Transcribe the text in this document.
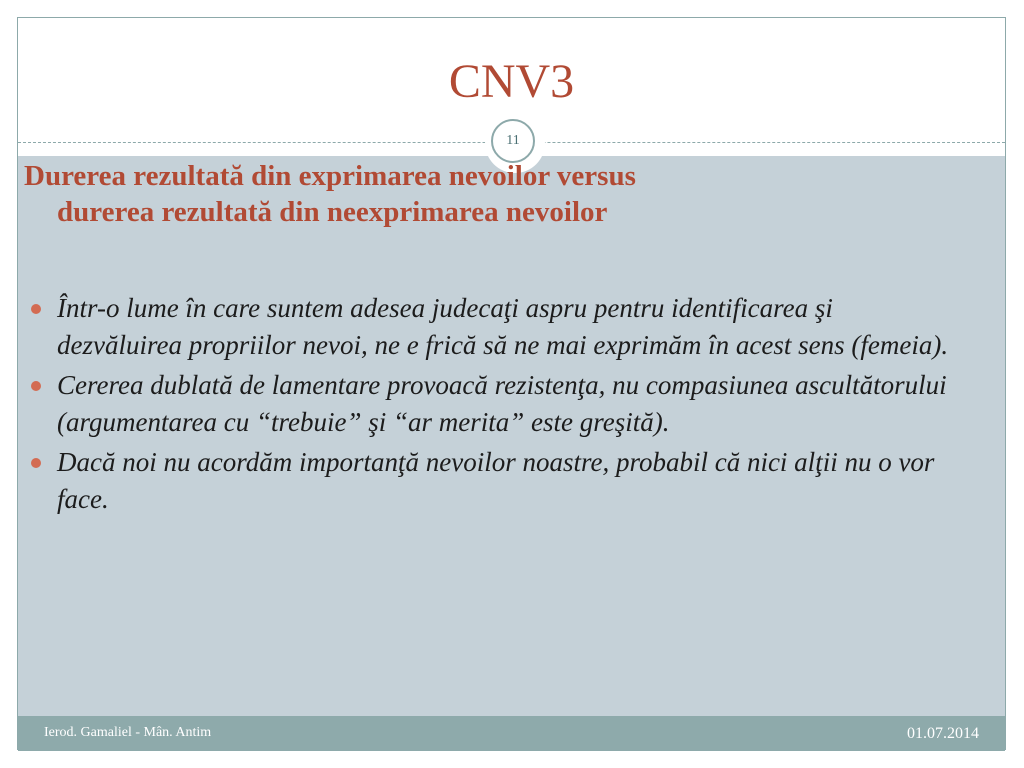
CNV3
11
Ierod. Gamaliel - Mân. Antim	01.07.2014
Durerea rezultată din exprimarea nevoilor versus
durerea rezultată din neexprimarea nevoilor
Într-o lume în care suntem adesea judecaţi aspru pentru identificarea şi dezvăluirea propriilor nevoi, ne e frică să ne mai exprimăm în acest sens (femeia).
Cererea dublată de lamentare provoacă rezistenţa, nu compasiunea ascultătorului (argumentarea cu “trebuie” şi “ar merita” este greşită).
Dacă noi nu acordăm importanţă nevoilor noastre, probabil că nici alţii nu o vor face.
